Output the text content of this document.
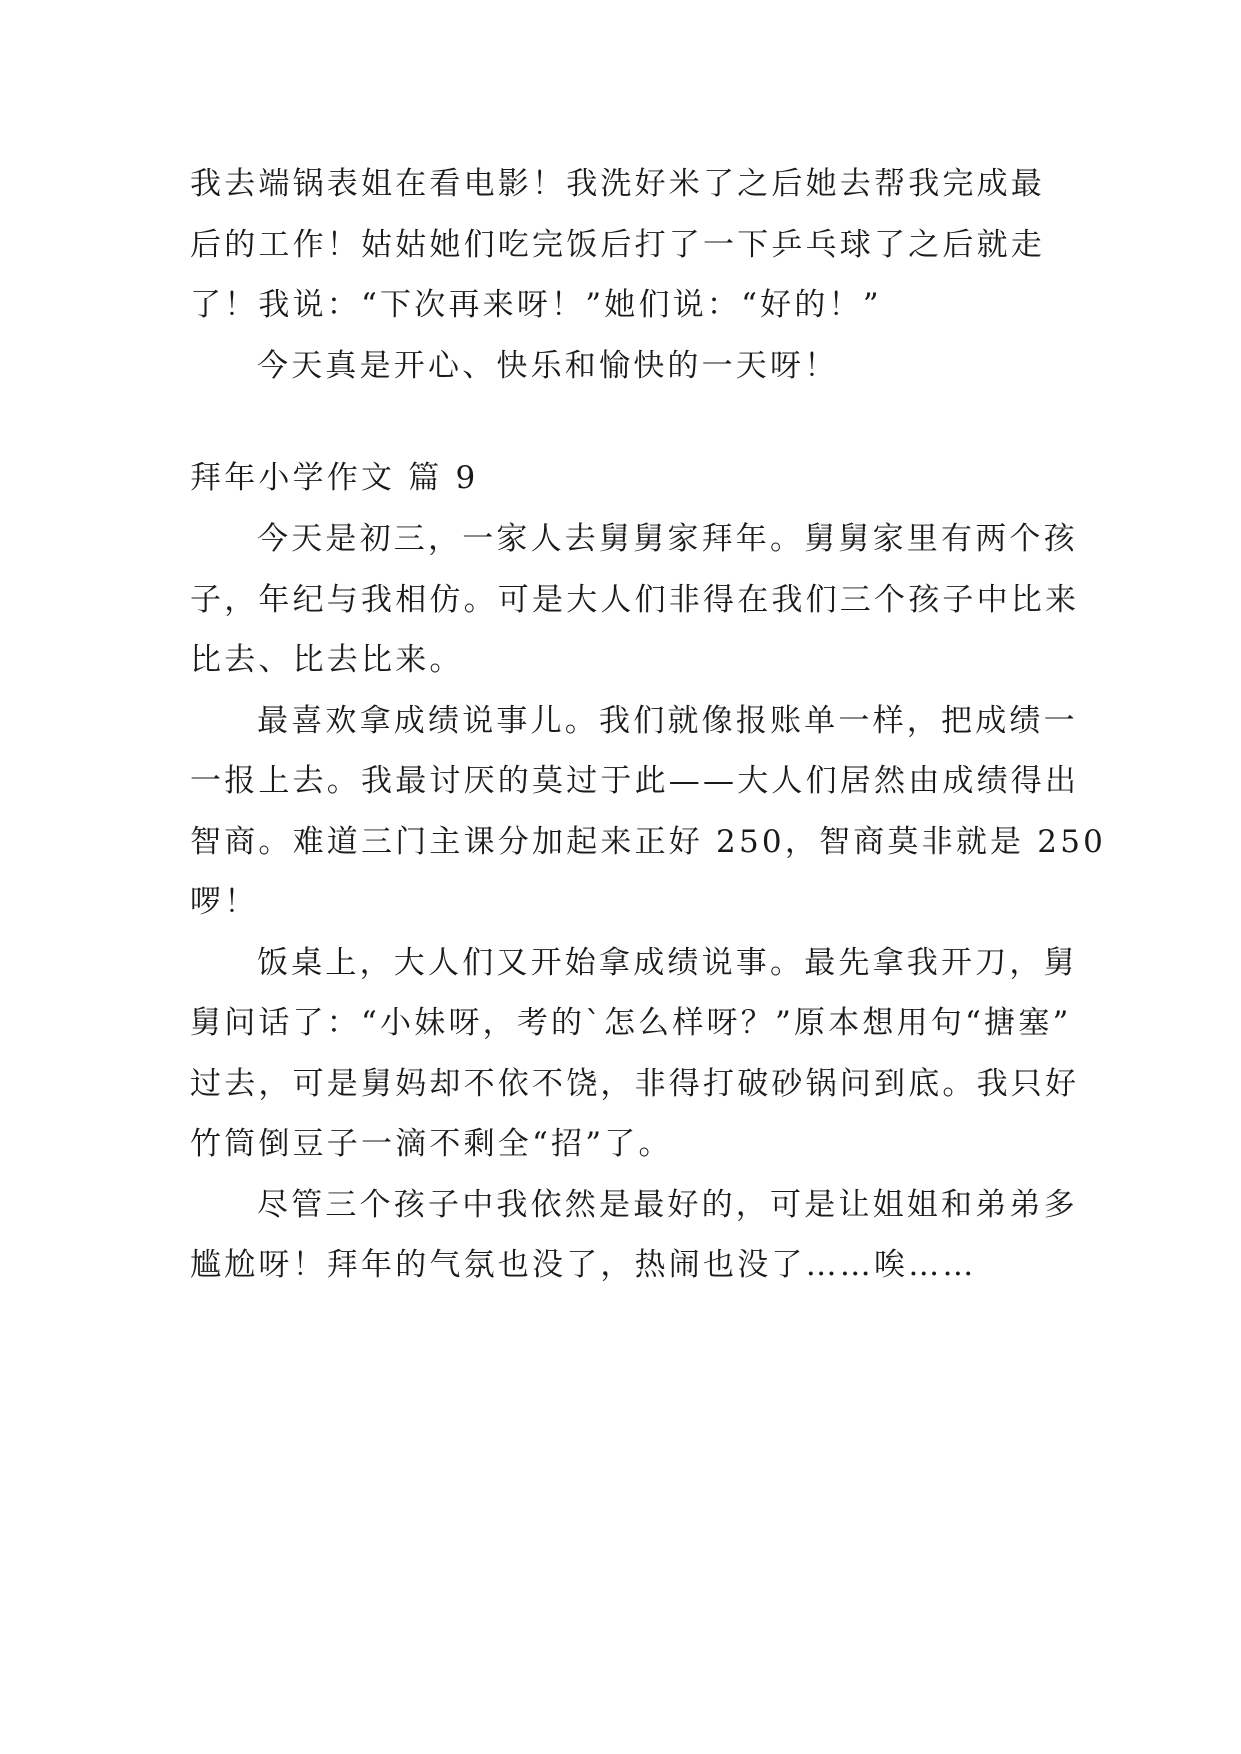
我去端锅表姐在看电影！我洗好米了之后她去帮我完成最
后的工作！姑姑她们吃完饭后打了一下乒乓球了之后就走
了！我说：“下次再来呀！”她们说：“好的！”
今天真是开心、快乐和愉快的一天呀！
拜年小学作文 篇 9
今天是初三，一家人去舅舅家拜年。舅舅家里有两个孩
子，年纪与我相仿。可是大人们非得在我们三个孩子中比来
比去、比去比来。
最喜欢拿成绩说事儿。我们就像报账单一样，把成绩一
一报上去。我最讨厌的莫过于此——大人们居然由成绩得出
智商。难道三门主课分加起来正好 250，智商莫非就是 250
啰！
饭桌上，大人们又开始拿成绩说事。最先拿我开刀，舅
舅问话了：“小妹呀，考的`怎么样呀？”原本想用句“搪塞”
过去，可是舅妈却不依不饶，非得打破砂锅问到底。我只好
竹筒倒豆子一滴不剩全“招”了。
尽管三个孩子中我依然是最好的，可是让姐姐和弟弟多
尴尬呀！拜年的气氛也没了，热闹也没了……唉……
